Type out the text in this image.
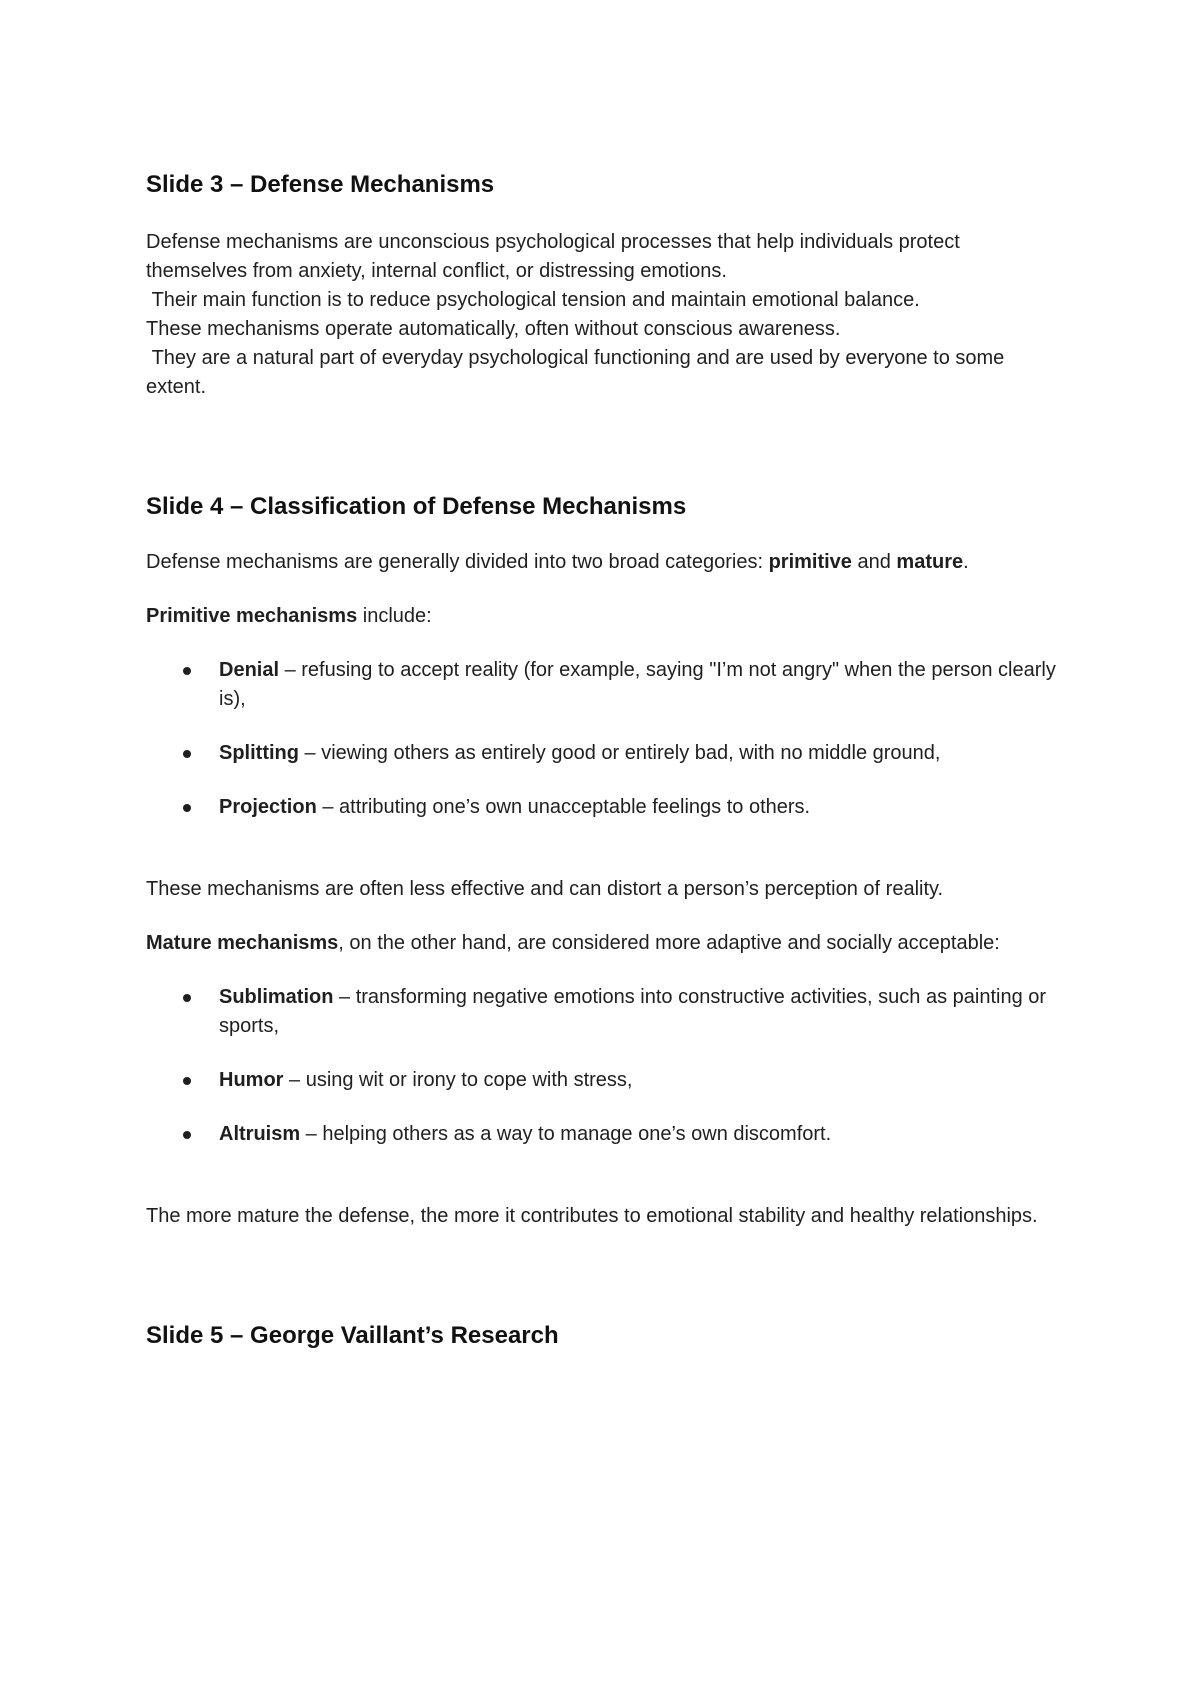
Slide 3 – Defense Mechanisms

Defense mechanisms are unconscious psychological processes that help individuals protect themselves from anxiety, internal conflict, or distressing emotions.

Their main function is to reduce psychological tension and maintain emotional balance.

These mechanisms operate automatically, often without conscious awareness.

They are a natural part of everyday psychological functioning and are used by everyone to some extent.

Slide 4 – Classification of Defense Mechanisms

Defense mechanisms are generally divided into two broad categories: primitive and mature.

Primitive mechanisms include:

Denial – refusing to accept reality (for example, saying "I’m not angry" when the person clearly is),
Splitting – viewing others as entirely good or entirely bad, with no middle ground,
Projection – attributing one’s own unacceptable feelings to others.

These mechanisms are often less effective and can distort a person’s perception of reality.

Mature mechanisms, on the other hand, are considered more adaptive and socially acceptable:

Sublimation – transforming negative emotions into constructive activities, such as painting or sports,
Humor – using wit or irony to cope with stress,
Altruism – helping others as a way to manage one’s own discomfort.

The more mature the defense, the more it contributes to emotional stability and healthy relationships.

Slide 5 – George Vaillant’s Research
